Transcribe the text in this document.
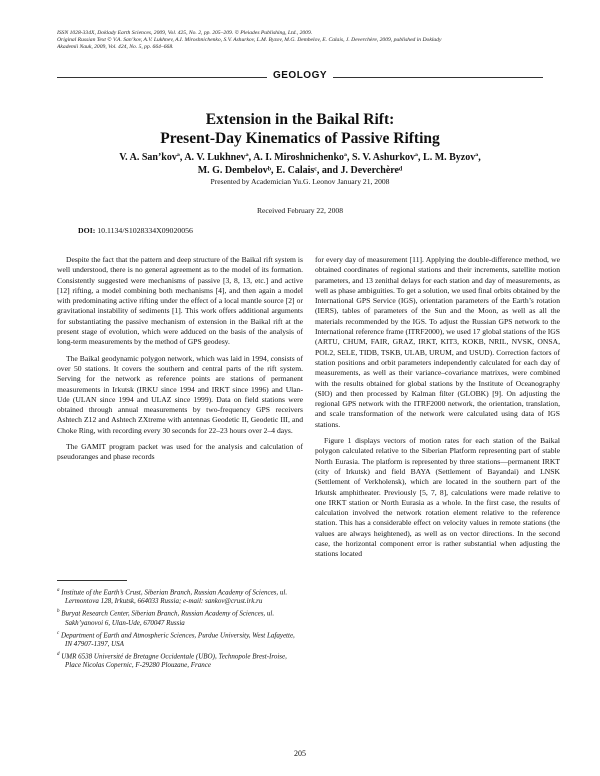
ISSN 1028-334X, Doklady Earth Sciences, 2009, Vol. 425, No. 2, pp. 205–209. © Pleiades Publishing, Ltd., 2009.
Original Russian Text © V.A. San’kov, A.V. Lukhnev, A.I. Miroshnichenko, S.V. Ashurkov, L.M. Byzov, M.G. Dembelov, E. Calais, J. Deverchère, 2009, published in Doklady
Akademii Nauk, 2009, Vol. 424, No. 5, pp. 664–668.
GEOLOGY
Extension in the Baikal Rift:
Present-Day Kinematics of Passive Rifting
V. A. San’kovª, A. V. Lukhnevª, A. I. Miroshnichenkoª, S. V. Ashurkovª, L. M. Byzovª,
M. G. Dembelovᵇ, E. Calaisᶜ, and J. Deverchèreᵈ
Presented by Academician Yu.G. Leonov January 21, 2008
Received February 22, 2008
DOI: 10.1134/S1028334X09020056

Despite the fact that the pattern and deep structure of the Baikal rift system is well understood, there is no general agreement as to the model of its formation. Consistently suggested were mechanisms of passive [3, 8, 13, etc.] and active [12] rifting, a model combining both mechanisms [4], and then again a model with predominating active rifting under the effect of a local mantle source [2] or gravitational instability of sediments [1]. This work offers additional arguments for substantiating the passive mechanism of extension in the Baikal rift at the present stage of evolution, which were adduced on the basis of the analysis of long-term measurements by the method of GPS geodesy.

The Baikal geodynamic polygon network, which was laid in 1994, consists of over 50 stations. It covers the southern and central parts of the rift system. Serving for the network as reference points are stations of permanent measurements in Irkutsk (IRKU since 1994 and IRKT since 1996) and Ulan-Ude (ULAN since 1994 and ULAZ since 1999). Data on field stations were obtained through annual measurements by two-frequency GPS receivers Ashtech Z12 and Ashtech ZXtreme with antennas Geodetic II, Geodetic III, and Choke Ring, with recording every 30 seconds for 22–23 hours over 2–4 days.

The GAMIT program packet was used for the analysis and calculation of pseudoranges and phase records

for every day of measurement [11]. Applying the double-difference method, we obtained coordinates of regional stations and their increments, satellite motion parameters, and 13 zenithal delays for each station and day of measurements, as well as phase ambiguities. To get a solution, we used final orbits obtained by the International GPS Service (IGS), orientation parameters of the Earth’s rotation (IERS), tables of parameters of the Sun and the Moon, as well as all the materials recommended by the IGS. To adjust the Russian GPS network to the International reference frame (ITRF2000), we used 17 global stations of the IGS (ARTU, CHUM, FAIR, GRAZ, IRKT, KIT3, KOKB, NRIL, NVSK, ONSA, POL2, SELE, TIDB, TSKB, ULAB, URUM, and USUD). Correction factors of station positions and orbit parameters independently calculated for each day of measurements, as well as their variance–covariance matrixes, were combined with the results obtained for global stations by the Institute of Oceanography (SIO) and then processed by Kalman filter (GLOBK) [9]. On adjusting the regional GPS network with the ITRF2000 network, the orientation, translation, and scale transformation of the network were calculated using data of IGS stations.

Figure 1 displays vectors of motion rates for each station of the Baikal polygon calculated relative to the Siberian Platform representing part of stable North Eurasia. The platform is represented by three stations—permanent IRKT (city of Irkutsk) and field BAYA (Settlement of Bayandai) and LNSK (Settlement of Verkholensk), which are located in the southern part of the Irkutsk amphitheater. Previously [5, 7, 8], calculations were made relative to one IRKT station or North Eurasia as a whole. In the first case, the results of calculation involved the network rotation element relative to the reference station. This has a considerable effect on velocity values in remote stations (the values are always heightened), as well as on vector directions. In the second case, the horizontal component error is rather substantial when adjusting the stations located

$^a$ Institute of the Earth’s Crust, Siberian Branch, Russian Academy of Sciences, ul. Lermontova 128, Irkutsk, 664033 Russia; e-mail: sankov@crust.irk.ru
$^b$ Buryat Research Center, Siberian Branch, Russian Academy of Sciences, ul. Sakh’yanovoi 6, Ulan-Ude, 670047 Russia
$^c$ Department of Earth and Atmospheric Sciences, Purdue University, West Lafayette, IN 47907-1397, USA
$^d$ UMR 6538 Université de Bretagne Occidentale (UBO), Technopole Brest-Iroise, Place Nicolas Copernic, F-29280 Plouzane, France
205
